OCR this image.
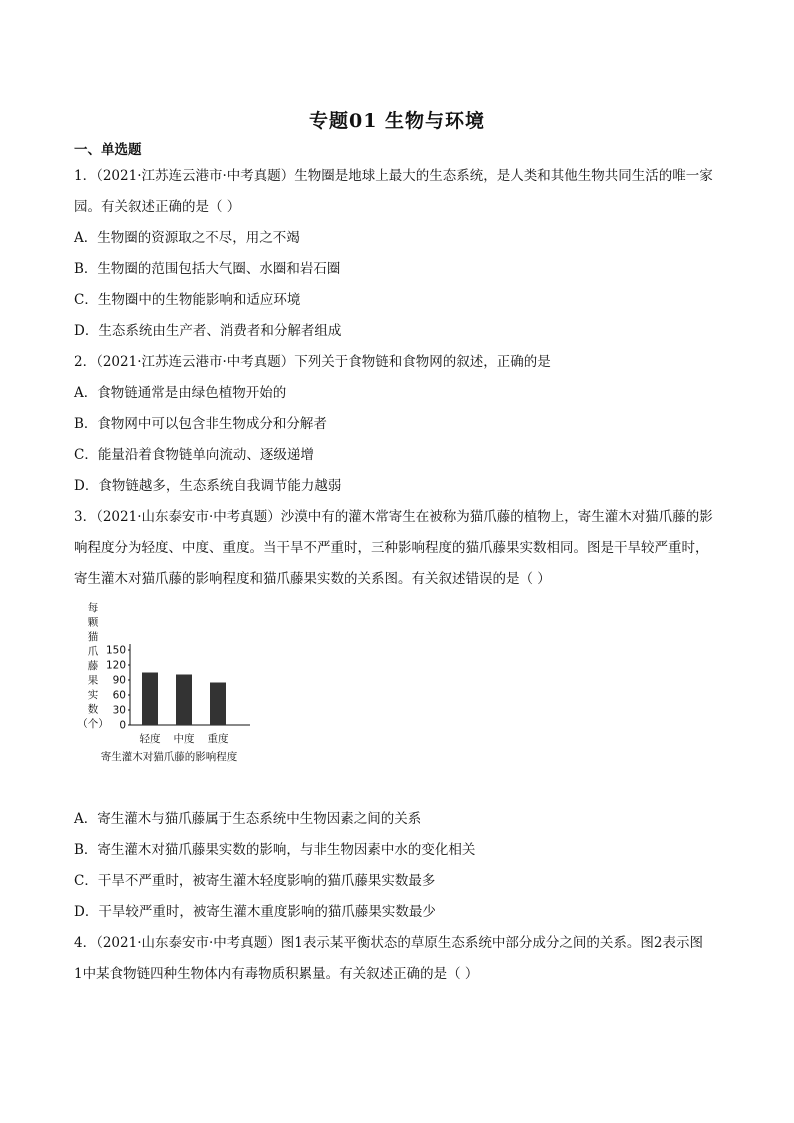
专题01 生物与环境
一、单选题
1．（2021·江苏连云港市·中考真题）生物圈是地球上最大的生态系统，是人类和其他生物共同生活的唯一家
园。有关叙述正确的是（ ）
A．生物圈的资源取之不尽，用之不竭
B．生物圈的范围包括大气圈、水圈和岩石圈
C．生物圈中的生物能影响和适应环境
D．生态系统由生产者、消费者和分解者组成
2．（2021·江苏连云港市·中考真题）下列关于食物链和食物网的叙述，正确的是
A．食物链通常是由绿色植物开始的
B．食物网中可以包含非生物成分和分解者
C．能量沿着食物链单向流动、逐级递增
D．食物链越多，生态系统自我调节能力越弱
3．（2021·山东泰安市·中考真题）沙漠中有的灌木常寄生在被称为猫爪藤的植物上，寄生灌木对猫爪藤的影
响程度分为轻度、中度、重度。当干旱不严重时，三种影响程度的猫爪藤果实数相同。图是干旱较严重时，
寄生灌木对猫爪藤的影响程度和猫爪藤果实数的关系图。有关叙述错误的是（ ）
每
颗
猫
爪
藤
果
实
数
（个）
150
120
90
60
30
0
轻度 中度 重度
寄生灌木对猫爪藤的影响程度
A．寄生灌木与猫爪藤属于生态系统中生物因素之间的关系
B．寄生灌木对猫爪藤果实数的影响，与非生物因素中水的变化相关
C．干旱不严重时，被寄生灌木轻度影响的猫爪藤果实数最多
D．干旱较严重时，被寄生灌木重度影响的猫爪藤果实数最少
4．（2021·山东泰安市·中考真题）图1表示某平衡状态的草原生态系统中部分成分之间的关系。图2表示图
1中某食物链四种生物体内有毒物质积累量。有关叙述正确的是（ ）
